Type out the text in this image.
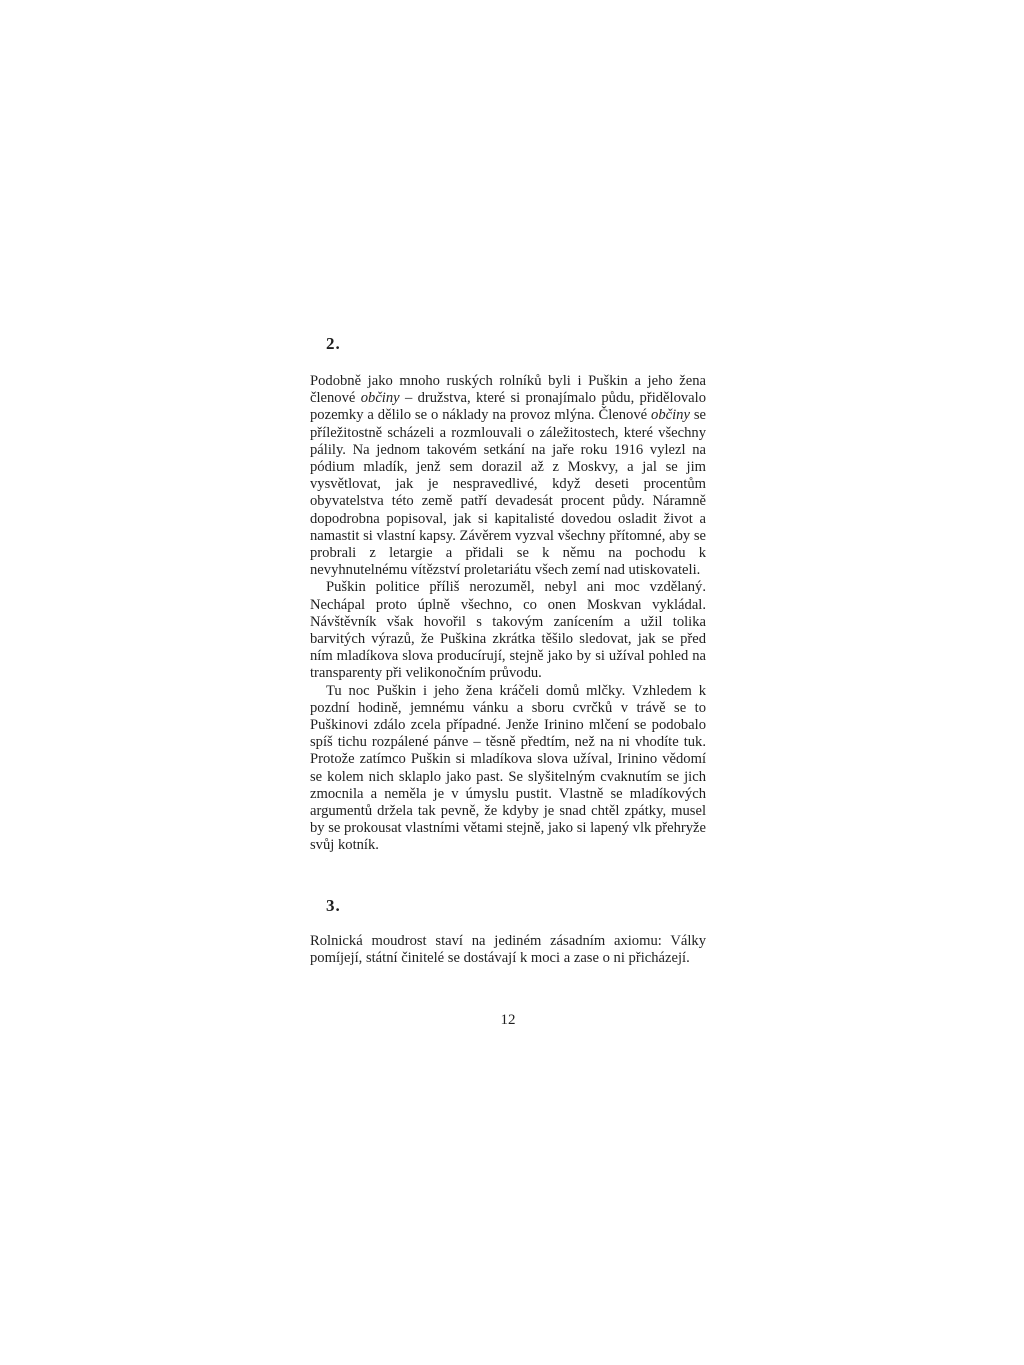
2.

Podobně jako mnoho ruských rolníků byli i Puškin a jeho žena členové občiny – družstva, které si pronajímalo půdu, přidělovalo pozemky a dělilo se o náklady na provoz mlýna. Členové občiny se příležitostně scházeli a rozmlouvali o záležitostech, které všechny pálily. Na jednom takovém setkání na jaře roku 1916 vylezl na pódium mladík, jenž sem dorazil až z Moskvy, a jal se jim vysvětlovat, jak je nespravedlivé, když deseti procentům obyvatelstva této země patří devadesát procent půdy. Náramně dopodrobna popisoval, jak si kapitalisté dovedou osladit život a namastit si vlastní kapsy. Závěrem vyzval všechny přítomné, aby se probrali z letargie a přidali se k němu na pochodu k nevyhnutelnému vítězství proletariátu všech zemí nad utiskovateli.

Puškin politice příliš nerozuměl, nebyl ani moc vzdělaný. Nechápal proto úplně všechno, co onen Moskvan vykládal. Návštěvník však hovořil s takovým zanícením a užil tolika barvitých výrazů, že Puškina zkrátka těšilo sledovat, jak se před ním mladíkova slova producírují, stejně jako by si užíval pohled na transparenty při velikonočním průvodu.

Tu noc Puškin i jeho žena kráčeli domů mlčky. Vzhledem k pozdní hodině, jemnému vánku a sboru cvrčků v trávě se to Puškinovi zdálo zcela případné. Jenže Irinino mlčení se podobalo spíš tichu rozpálené pánve – těsně předtím, než na ni vhodíte tuk. Protože zatímco Puškin si mladíkova slova užíval, Irinino vědomí se kolem nich sklaplo jako past. Se slyšitelným cvaknutím se jich zmocnila a neměla je v úmyslu pustit. Vlastně se mladíkových argumentů držela tak pevně, že kdyby je snad chtěl zpátky, musel by se prokousat vlastními větami stejně, jako si lapený vlk přehryže svůj kotník.

3.

Rolnická moudrost staví na jediném zásadním axiomu: Války pomíjejí, státní činitelé se dostávají k moci a zase o ni přicházejí.

12
